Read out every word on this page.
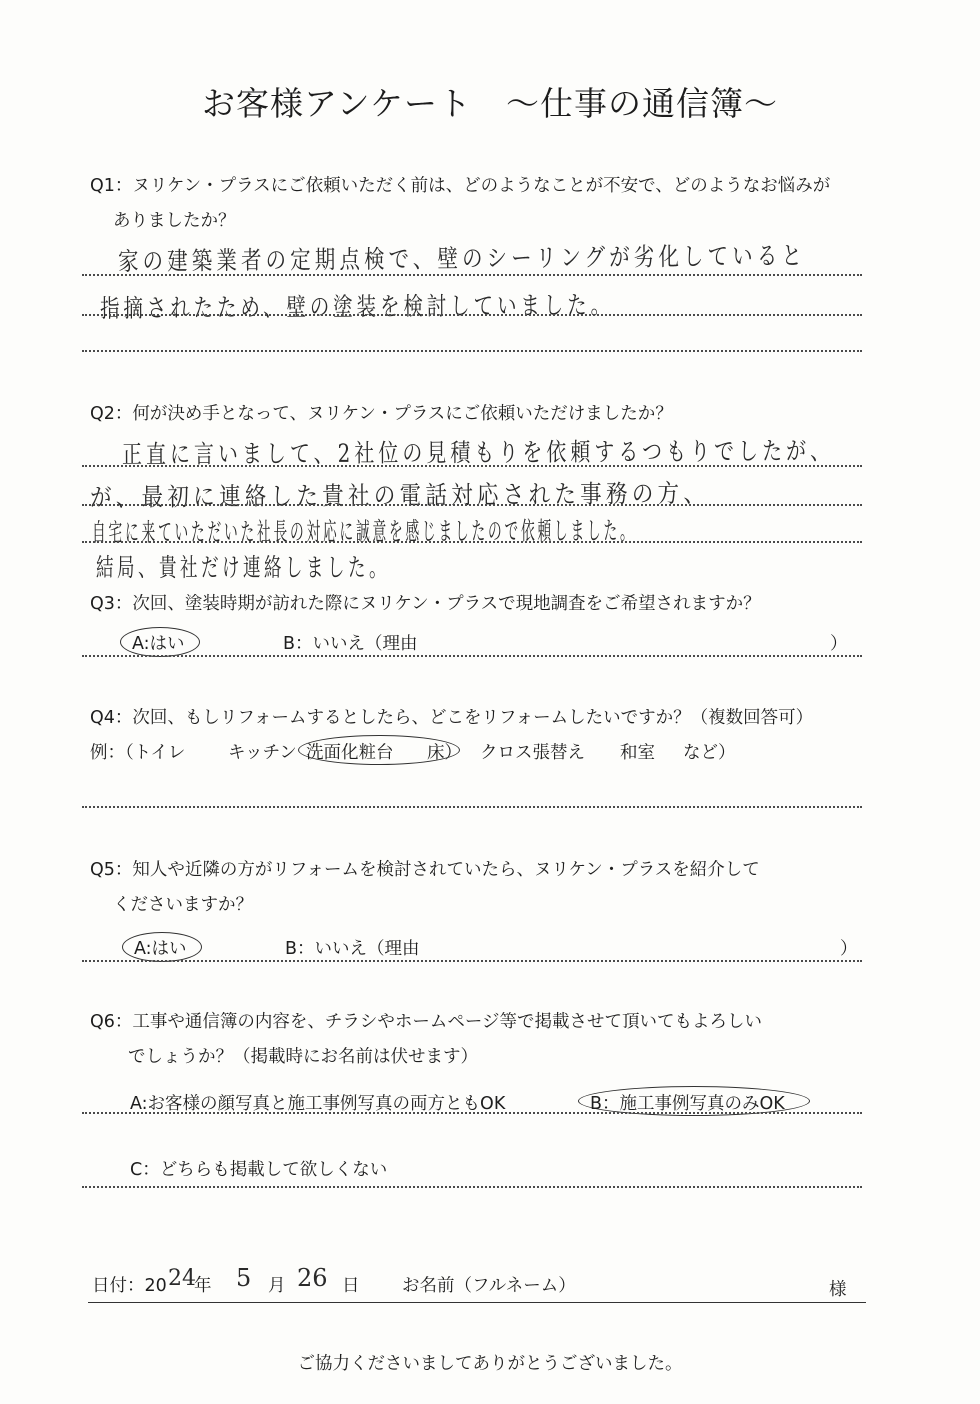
お客様アンケート　～仕事の通信簿～
Q1：ヌリケン・プラスにご依頼いただく前は、どのようなことが不安で、どのようなお悩みが
ありましたか？
家の建築業者の定期点検で、壁のシーリングが劣化していると
指摘されたため、壁の塗装を検討していました。
Q2：何が決め手となって、ヌリケン・プラスにご依頼いただけましたか？
正直に言いまして、2社位の見積もりを依頼するつもりでしたが、
が、最初に連絡した貴社の電話対応された事務の方、
自宅に来ていただいた社長の対応に誠意を感じましたので依頼しました。
結局、貴社だけ連絡しました。
Q3：次回、塗装時期が訪れた際にヌリケン・プラスで現地調査をご希望されますか？
A:はい	B：いいえ（理由	）
Q4：次回、もしリフォームするとしたら、どこをリフォームしたいですか？（複数回答可）
例：（トイレ キッチン 洗面化粧台 床） クロス張替え 和室 など）
Q5：知人や近隣の方がリフォームを検討されていたら、ヌリケン・プラスを紹介して
くださいますか？
A:はい	B：いいえ（理由	）
Q6：工事や通信簿の内容を、チラシやホームページ等で掲載させて頂いてもよろしい
でしょうか？（掲載時にお名前は伏せます）
A:お客様の顔写真と施工事例写真の両方ともOK	B：施工事例写真のみOK
C：どちらも掲載して欲しくない
日付：20 24
年 5 月 26 日 お名前（フルネーム）	様
ご協力くださいましてありがとうございました。
